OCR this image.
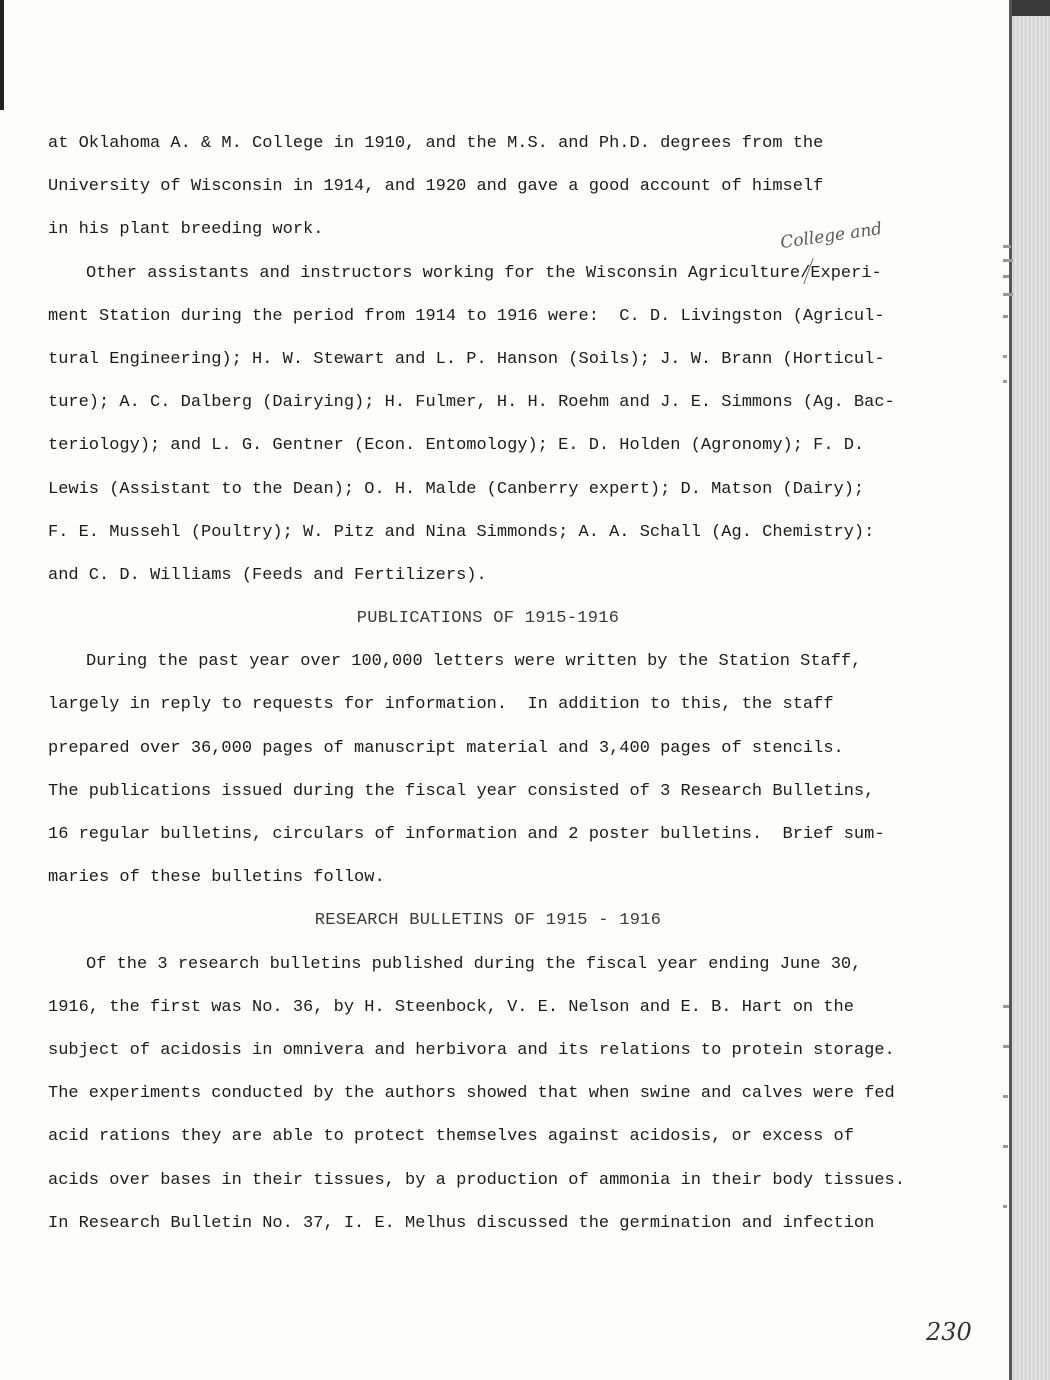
College and
at Oklahoma A. & M. College in 1910, and the M.S. and Ph.D. degrees from the
University of Wisconsin in 1914, and 1920 and gave a good account of himself
in his plant breeding work.
Other assistants and instructors working for the Wisconsin Agriculture/Experi-
ment Station during the period from 1914 to 1916 were:  C. D. Livingston (Agricul-
tural Engineering); H. W. Stewart and L. P. Hanson (Soils); J. W. Brann (Horticul-
ture); A. C. Dalberg (Dairying); H. Fulmer, H. H. Roehm and J. E. Simmons (Ag. Bac-
teriology); and L. G. Gentner (Econ. Entomology); E. D. Holden (Agronomy); F. D.
Lewis (Assistant to the Dean); O. H. Malde (Canberry expert); D. Matson (Dairy);
F. E. Mussehl (Poultry); W. Pitz and Nina Simmonds; A. A. Schall (Ag. Chemistry):
and C. D. Williams (Feeds and Fertilizers).
PUBLICATIONS OF 1915-1916
During the past year over 100,000 letters were written by the Station Staff,
largely in reply to requests for information.  In addition to this, the staff
prepared over 36,000 pages of manuscript material and 3,400 pages of stencils.
The publications issued during the fiscal year consisted of 3 Research Bulletins,
16 regular bulletins, circulars of information and 2 poster bulletins.  Brief sum-
maries of these bulletins follow.
RESEARCH BULLETINS OF 1915 - 1916
Of the 3 research bulletins published during the fiscal year ending June 30,
1916, the first was No. 36, by H. Steenbock, V. E. Nelson and E. B. Hart on the
subject of acidosis in omnivera and herbivora and its relations to protein storage.
The experiments conducted by the authors showed that when swine and calves were fed
acid rations they are able to protect themselves against acidosis, or excess of
acids over bases in their tissues, by a production of ammonia in their body tissues.
In Research Bulletin No. 37, I. E. Melhus discussed the germination and infection
230
